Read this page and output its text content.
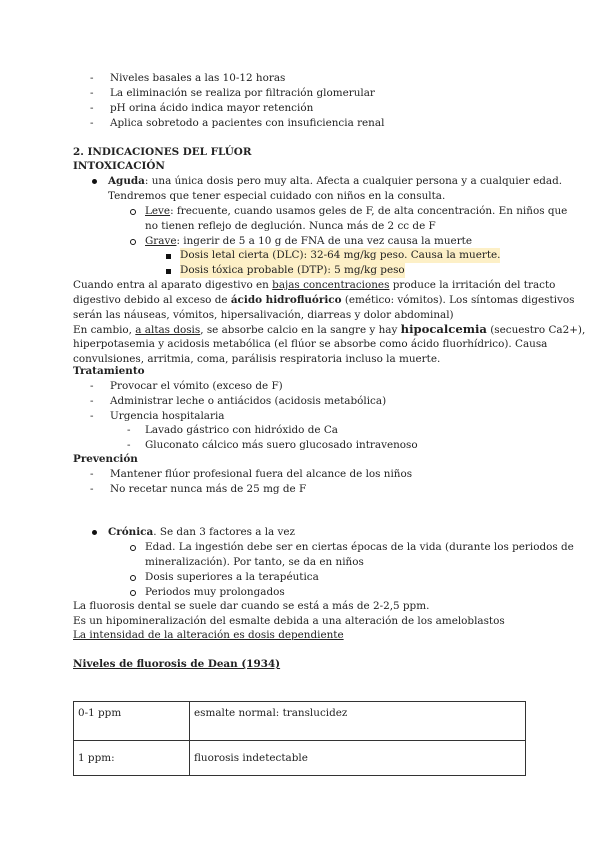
- Niveles basales a las 10-12 horas
- La eliminación se realiza por filtración glomerular
- pH orina ácido indica mayor retención
- Aplica sobretodo a pacientes con insuficiencia renal
2. INDICACIONES DEL FLÚOR
INTOXICACIÓN
Aguda: una única dosis pero muy alta. Afecta a cualquier persona y a cualquier edad.
Tendremos que tener especial cuidado con niños en la consulta.
Leve: frecuente, cuando usamos geles de F, de alta concentración. En niños que
no tienen reflejo de deglución. Nunca más de 2 cc de F
Grave: ingerir de 5 a 10 g de FNA de una vez causa la muerte
Dosis letal cierta (DLC): 32-64 mg/kg peso. Causa la muerte.
Dosis tóxica probable (DTP): 5 mg/kg peso
Cuando entra al aparato digestivo en bajas concentraciones produce la irritación del tracto
digestivo debido al exceso de ácido hidrofluórico (emético: vómitos). Los síntomas digestivos
serán las náuseas, vómitos, hipersalivación, diarreas y dolor abdominal)
En cambio, a altas dosis, se absorbe calcio en la sangre y hay hipocalcemia (secuestro Ca2+),
hiperpotasemia y acidosis metabólica (el flúor se absorbe como ácido fluorhídrico). Causa
convulsiones, arritmia, coma, parálisis respiratoria incluso la muerte.
Tratamiento
- Provocar el vómito (exceso de F)
- Administrar leche o antiácidos (acidosis metabólica)
- Urgencia hospitalaria
- Lavado gástrico con hidróxido de Ca
- Gluconato cálcico más suero glucosado intravenoso
Prevención
- Mantener flúor profesional fuera del alcance de los niños
- No recetar nunca más de 25 mg de F
Crónica. Se dan 3 factores a la vez
Edad. La ingestión debe ser en ciertas épocas de la vida (durante los periodos de
mineralización). Por tanto, se da en niños
Dosis superiores a la terapéutica
Periodos muy prolongados
La fluorosis dental se suele dar cuando se está a más de 2-2,5 ppm.
Es un hipomineralización del esmalte debida a una alteración de los ameloblastos
La intensidad de la alteración es dosis dependiente
Niveles de fluorosis de Dean (1934)
0-1 ppm	esmalte normal: translucidez
1 ppm:	fluorosis indetectable
